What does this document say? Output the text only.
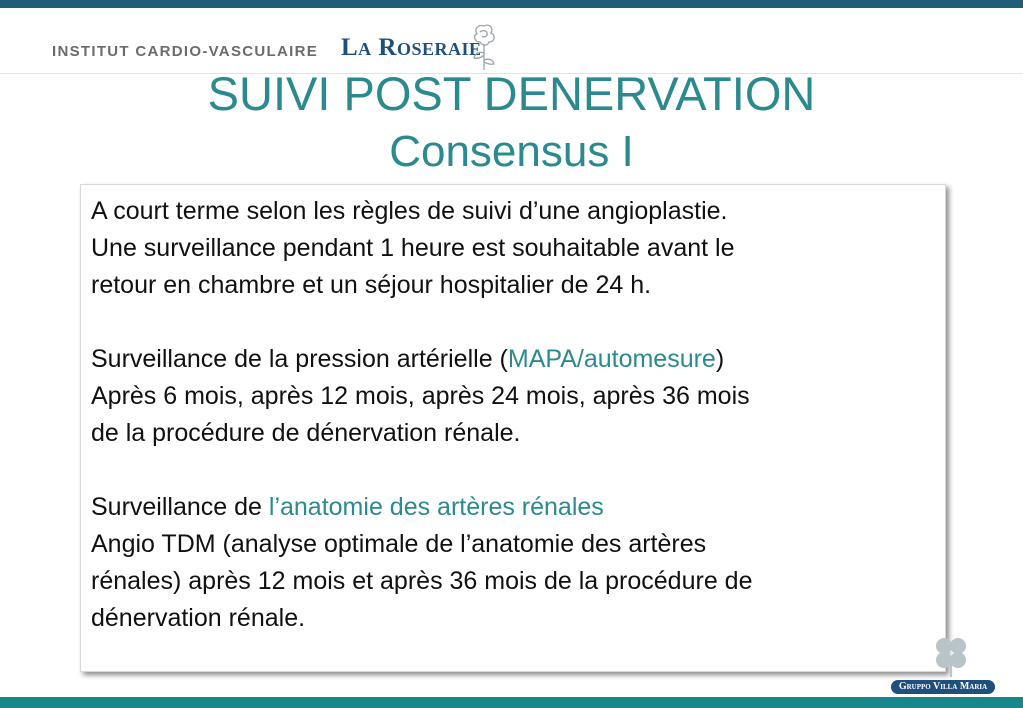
INSTITUT CARDIO-VASCULAIRE La Roseraie
SUIVI POST DENERVATION
Consensus I

A court terme selon les règles de suivi d’une angioplastie.

Une surveillance pendant 1 heure est souhaitable avant le

retour en chambre et un séjour hospitalier de 24 h.

Surveillance de la pression artérielle (MAPA/automesure)

Après 6 mois, après 12 mois, après 24 mois, après 36 mois

de la procédure de dénervation rénale.

Surveillance de l’anatomie des artères rénales

Angio TDM (analyse optimale de l’anatomie des artères

rénales) après 12 mois et après 36 mois de la procédure de

dénervation rénale.

Gruppo Villa Maria
